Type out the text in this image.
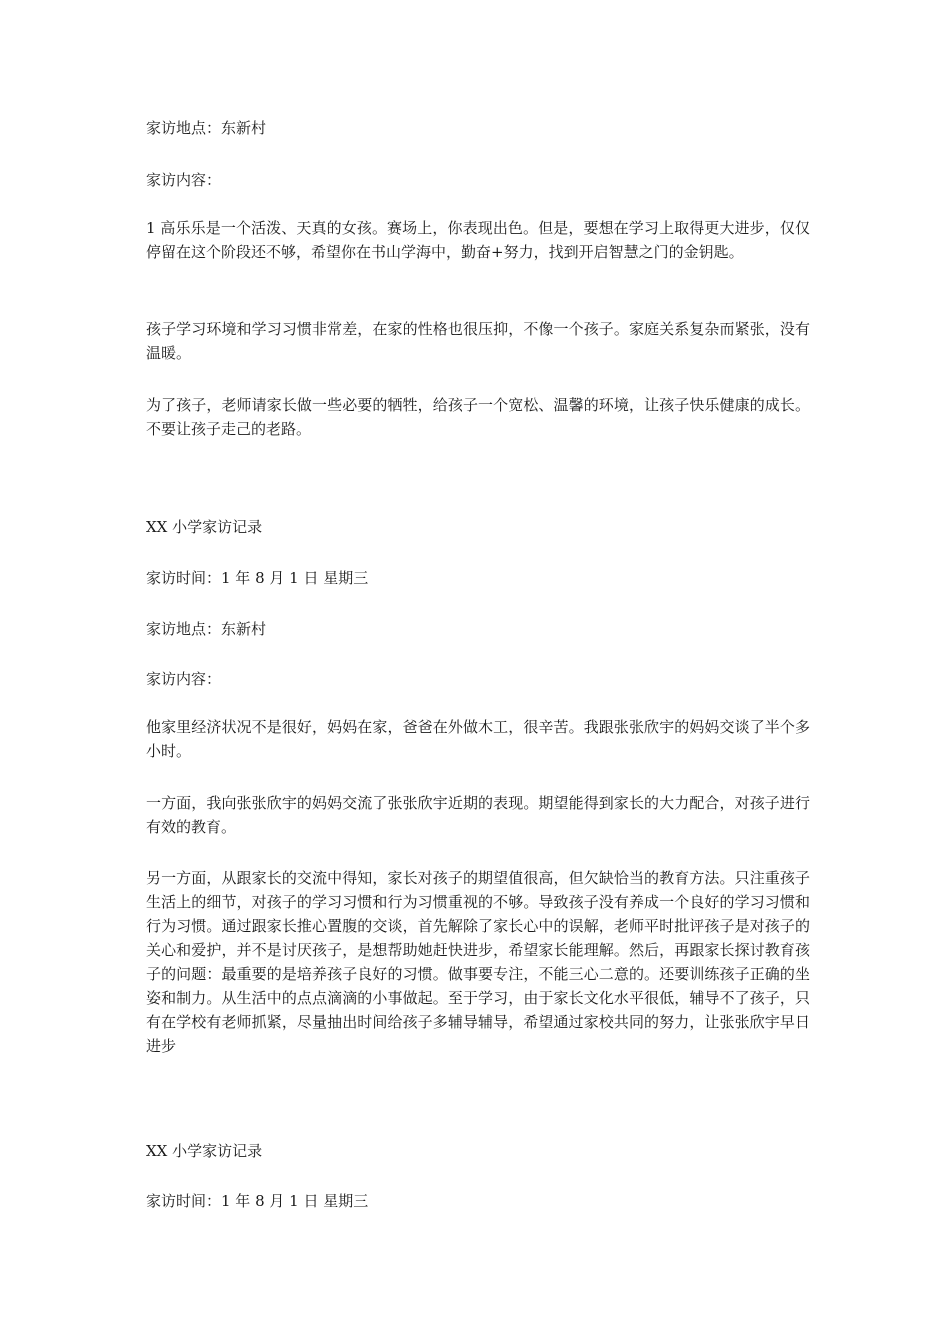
家访地点：东新村

家访内容：

1 高乐乐是一个活泼、天真的女孩。赛场上，你表现出色。但是，要想在学习上取得更大进步，仅仅停留在这个阶段还不够，希望你在书山学海中，勤奋+努力，找到开启智慧之门的金钥匙。

孩子学习环境和学习习惯非常差，在家的性格也很压抑，不像一个孩子。家庭关系复杂而紧张，没有温暖。

为了孩子，老师请家长做一些必要的牺牲，给孩子一个宽松、温馨的环境，让孩子快乐健康的成长。不要让孩子走己的老路。

XX 小学家访记录

家访时间：1 年 8 月 1 日 星期三

家访地点：东新村

家访内容：

他家里经济状况不是很好，妈妈在家，爸爸在外做木工，很辛苦。我跟张张欣宇的妈妈交谈了半个多小时。

一方面，我向张张欣宇的妈妈交流了张张欣宇近期的表现。期望能得到家长的大力配合，对孩子进行有效的教育。

另一方面，从跟家长的交流中得知，家长对孩子的期望值很高，但欠缺恰当的教育方法。只注重孩子生活上的细节，对孩子的学习习惯和行为习惯重视的不够。导致孩子没有养成一个良好的学习习惯和行为习惯。通过跟家长推心置腹的交谈，首先解除了家长心中的误解，老师平时批评孩子是对孩子的关心和爱护，并不是讨厌孩子，是想帮助她赶快进步，希望家长能理解。然后，再跟家长探讨教育孩子的问题：最重要的是培养孩子良好的习惯。做事要专注，不能三心二意的。还要训练孩子正确的坐姿和制力。从生活中的点点滴滴的小事做起。至于学习，由于家长文化水平很低，辅导不了孩子，只有在学校有老师抓紧，尽量抽出时间给孩子多辅导辅导，希望通过家校共同的努力，让张张欣宇早日进步

XX 小学家访记录

家访时间：1 年 8 月 1 日 星期三
